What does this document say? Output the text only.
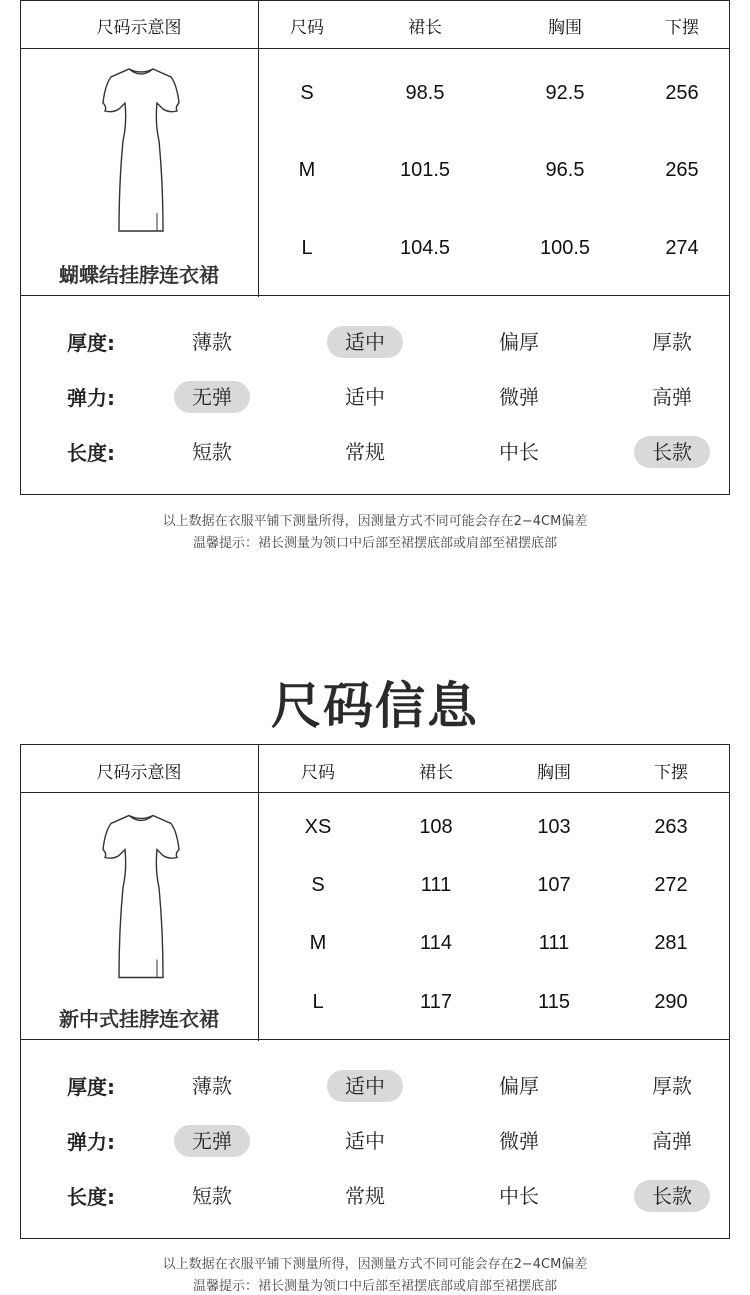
尺码示意图	尺码	裙长	胸围	下摆
蝴蝶结挂脖连衣裙
S	98.5	92.5	256
M	101.5	96.5	265
L	104.5	100.5	274
厚度:	薄款	适中	偏厚	厚款
弹力:	无弹	适中	微弹	高弹
长度:	短款	常规	中长	长款
以上数据在衣服平铺下测量所得，因测量方式不同可能会存在2−4CM偏差
温馨提示：裙长测量为领口中后部至裙摆底部或肩部至裙摆底部
尺码信息
尺码示意图	尺码	裙长	胸围	下摆
新中式挂脖连衣裙
XS	108	103	263
S	111	107	272
M	114	111	281
L	117	115	290
厚度:	薄款	适中	偏厚	厚款
弹力:	无弹	适中	微弹	高弹
长度:	短款	常规	中长	长款
以上数据在衣服平铺下测量所得，因测量方式不同可能会存在2−4CM偏差
温馨提示：裙长测量为领口中后部至裙摆底部或肩部至裙摆底部
